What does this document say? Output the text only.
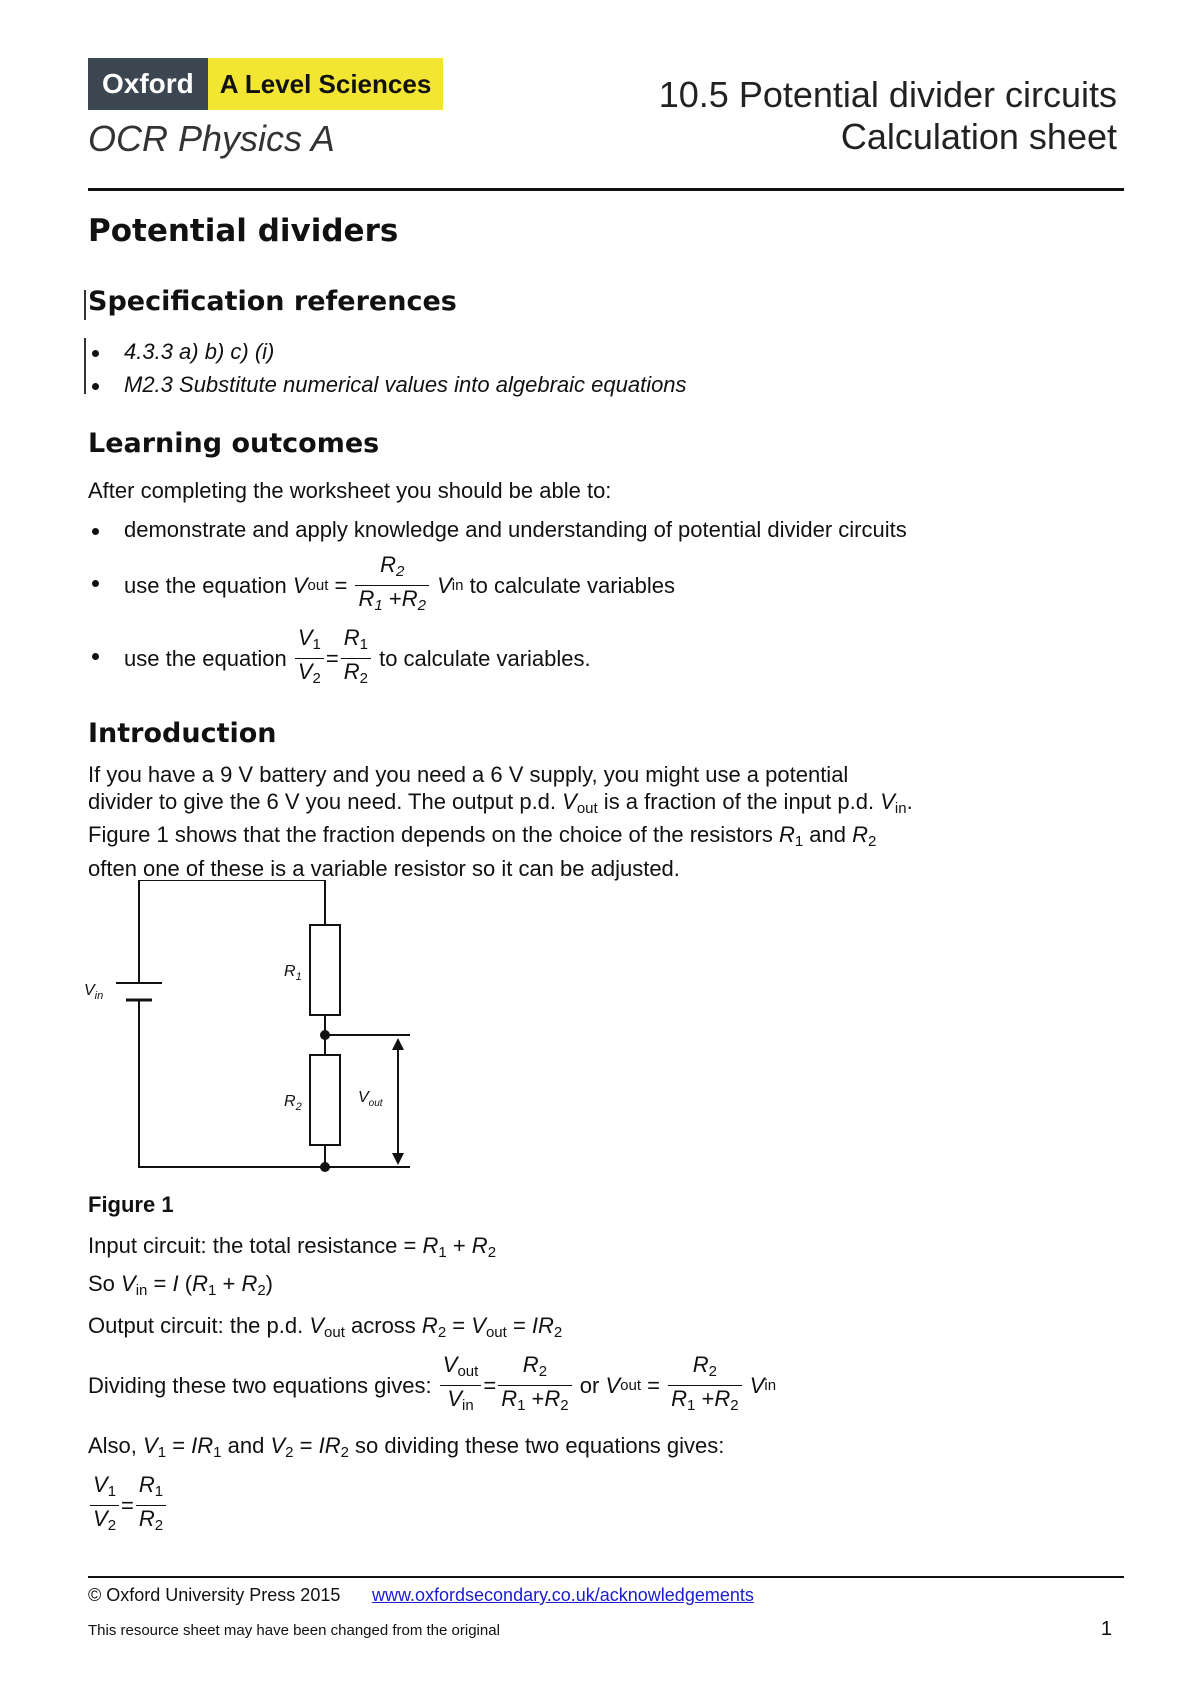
Oxford	A Level Sciences
OCR Physics A
10.5 Potential divider circuits
Calculation sheet
Potential dividers
Specification references
4.3.3 a) b) c) (i)
M2.3 Substitute numerical values into algebraic equations
Learning outcomes
After completing the worksheet you should be able to:
demonstrate and apply knowledge and understanding of potential divider circuits
use the equation
V out
=
$\frac{R_2}{R_1 +R_2}$
V in
to calculate variables
use the equation
$\frac{V_1}{V_2} = \frac{R_1}{R_2}$
to calculate variables.
Introduction
If you have a 9 V battery and you need a 6 V supply, you might use a potential
divider to give the 6 V you need. The output p.d. $V_{out}$ is a fraction of the input p.d. $V_{in}$.
Figure 1 shows that the fraction depends on the choice of the resistors $R_1$ and $R_2$
often one of these is a variable resistor so it can be adjusted.
$V_{in}$
$R_1$
$R_2$
$V_{out}$
Figure 1
Input circuit: the total resistance = $R_1 + R_2$
So $V_{in} = I$ $(R_1 + R_2)$
Output circuit: the p.d. $V_{out}$ across $R_2 = V_{out} = IR_2$
Dividing these two equations gives:
$\frac{V_{out}}{V_{in}} = \frac{R_2}{R_1 +R_2}$
or
V out
=
$\frac{R_2}{R_1 +R_2}$
V in
Also, $V_1 = IR_1$ and $V_2 = IR_2$ so dividing these two equations gives:
$\frac{V_1}{V_2} = \frac{R_1}{R_2}$
© Oxford University Press 2015 www.oxfordsecondary.co.uk/acknowledgements
This resource sheet may have been changed from the original	1
